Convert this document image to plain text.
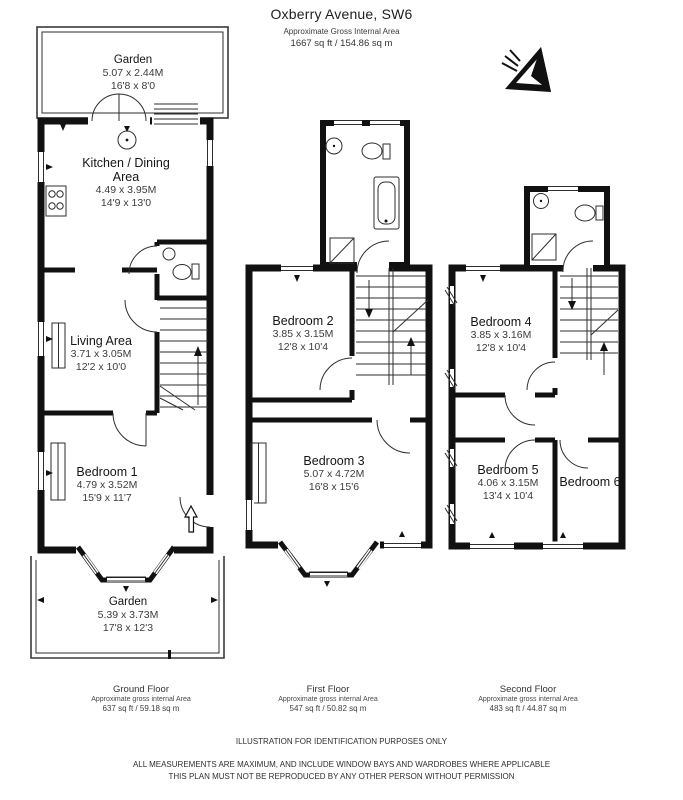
Oxberry Avenue, SW6
Approximate Gross Internal Area
1667 sq ft / 154.86 sq m
Garden
5.07 x 2.44M
16'8 x 8'0
Kitchen / Dining Area
4.49 x 3.95M
14'9 x 13'0
Living Area
3.71 x 3.05M
12'2 x 10'0
Bedroom 1
4.79 x 3.52M
15'9 x 11'7
Garden
5.39 x 3.73M
17'8 x 12'3
Bedroom 2
3.85 x 3.15M
12'8 x 10'4
Bedroom 3
5.07 x 4.72M
16'8 x 15'6
Bedroom 4
3.85 x 3.16M
12'8 x 10'4
Bedroom 5
4.06 x 3.15M
13'4 x 10'4
Bedroom 6
Ground Floor
Approximate gross internal Area
637 sq ft / 59.18 sq m
First Floor
Approximate gross internal Area
547 sq ft / 50.82 sq m
Second Floor
Approximate gross internal Area
483 sq ft / 44.87 sq m
ILLUSTRATION FOR IDENTIFICATION PURPOSES ONLY
ALL MEASUREMENTS ARE MAXIMUM, AND INCLUDE WINDOW BAYS AND WARDROBES WHERE APPLICABLE
THIS PLAN MUST NOT BE REPRODUCED BY ANY OTHER PERSON WITHOUT PERMISSION
